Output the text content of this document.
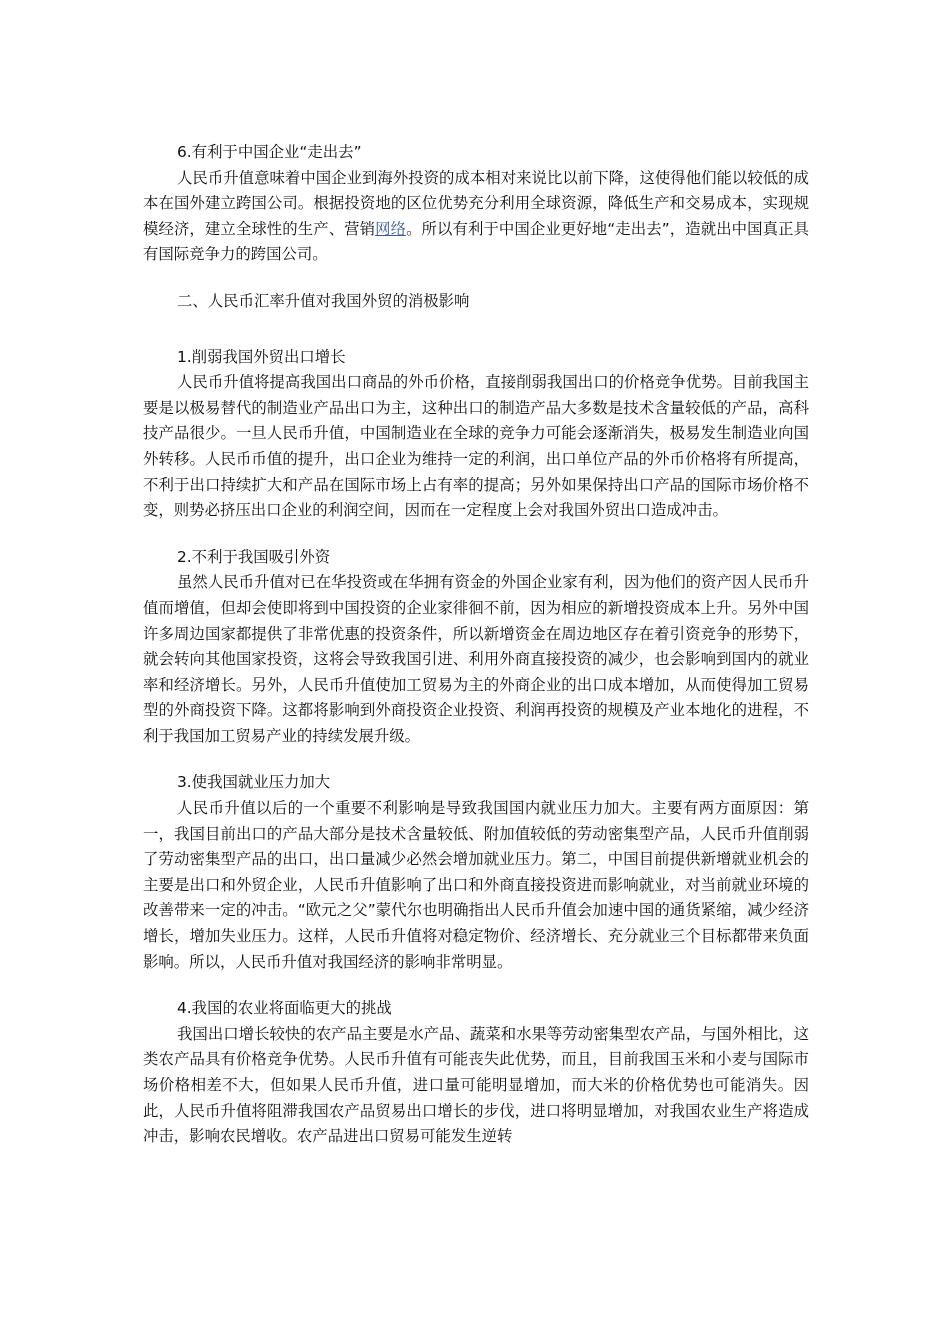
6.有利于中国企业“走出去”
人民币升值意味着中国企业到海外投资的成本相对来说比以前下降，这使得他们能以较低的成本在国外建立跨国公司。根据投资地的区位优势充分利用全球资源，降低生产和交易成本，实现规模经济，建立全球性的生产、营销网络。所以有利于中国企业更好地“走出去”，造就出中国真正具有国际竞争力的跨国公司。
二、人民币汇率升值对我国外贸的消极影响
1.削弱我国外贸出口增长
人民币升值将提高我国出口商品的外币价格，直接削弱我国出口的价格竞争优势。目前我国主要是以极易替代的制造业产品出口为主，这种出口的制造产品大多数是技术含量较低的产品，高科技产品很少。一旦人民币升值，中国制造业在全球的竞争力可能会逐渐消失，极易发生制造业向国外转移。人民币币值的提升，出口企业为维持一定的利润，出口单位产品的外币价格将有所提高，不利于出口持续扩大和产品在国际市场上占有率的提高；另外如果保持出口产品的国际市场价格不变，则势必挤压出口企业的利润空间，因而在一定程度上会对我国外贸出口造成冲击。
2.不利于我国吸引外资
虽然人民币升值对已在华投资或在华拥有资金的外国企业家有利，因为他们的资产因人民币升值而增值，但却会使即将到中国投资的企业家徘徊不前，因为相应的新增投资成本上升。另外中国许多周边国家都提供了非常优惠的投资条件，所以新增资金在周边地区存在着引资竞争的形势下，就会转向其他国家投资，这将会导致我国引进、利用外商直接投资的减少，也会影响到国内的就业率和经济增长。另外，人民币升值使加工贸易为主的外商企业的出口成本增加，从而使得加工贸易型的外商投资下降。这都将影响到外商投资企业投资、利润再投资的规模及产业本地化的进程，不利于我国加工贸易产业的持续发展升级。
3.使我国就业压力加大
人民币升值以后的一个重要不利影响是导致我国国内就业压力加大。主要有两方面原因：第一，我国目前出口的产品大部分是技术含量较低、附加值较低的劳动密集型产品，人民币升值削弱了劳动密集型产品的出口，出口量减少必然会增加就业压力。第二，中国目前提供新增就业机会的主要是出口和外贸企业，人民币升值影响了出口和外商直接投资进而影响就业，对当前就业环境的改善带来一定的冲击。“欧元之父”蒙代尔也明确指出人民币升值会加速中国的通货紧缩，减少经济增长，增加失业压力。这样，人民币升值将对稳定物价、经济增长、充分就业三个目标都带来负面影响。所以，人民币升值对我国经济的影响非常明显。
4.我国的农业将面临更大的挑战
我国出口增长较快的农产品主要是水产品、蔬菜和水果等劳动密集型农产品，与国外相比，这类农产品具有价格竞争优势。人民币升值有可能丧失此优势，而且，目前我国玉米和小麦与国际市场价格相差不大，但如果人民币升值，进口量可能明显增加，而大米的价格优势也可能消失。因此，人民币升值将阻滞我国农产品贸易出口增长的步伐，进口将明显增加，对我国农业生产将造成冲击，影响农民增收。农产品进出口贸易可能发生逆转
